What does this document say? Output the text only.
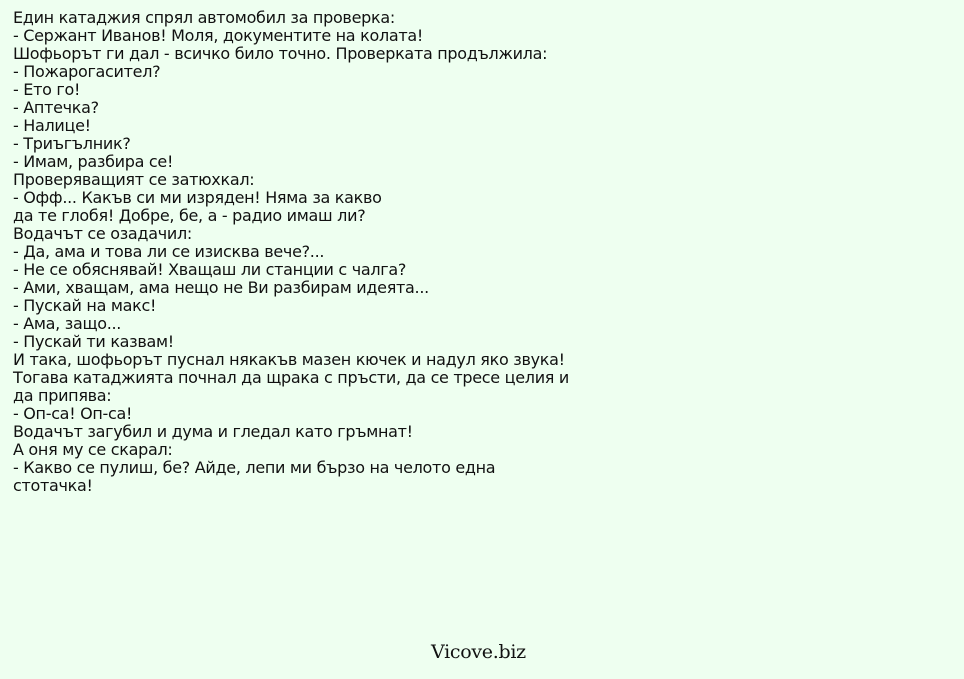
Един катаджия спрял автомобил за проверка:
- Сержант Иванов! Моля, документите на колата!
Шофьорът ги дал - всичко било точно. Проверката продължила:
- Пожарогасител?
- Ето го!
- Аптечка?
- Налице!
- Триъгълник?
- Имам, разбира се!
Проверяващият се затюхкал:
- Офф... Какъв си ми изряден! Няма за какво
да те глобя! Добре, бе, а - радио имаш ли?
Водачът се озадачил:
- Да, ама и това ли се изисква вече?...
- Не се обяснявай! Хващаш ли станции с чалга?
- Ами, хващам, ама нещо не Ви разбирам идеята...
- Пускай на макс!
- Ама, защо...
- Пускай ти казвам!
И така, шофьорът пуснал някакъв мазен кючек и надул яко звука!
Тогава катаджията почнал да щрака с пръсти, да се тресе целия и
да припява:
- Оп-са! Оп-са!
Водачът загубил и дума и гледал като гръмнат!
А оня му се скарал:
- Какво се пулиш, бе? Айде, лепи ми бързо на челото една
стотачка!
Vicove.biz
